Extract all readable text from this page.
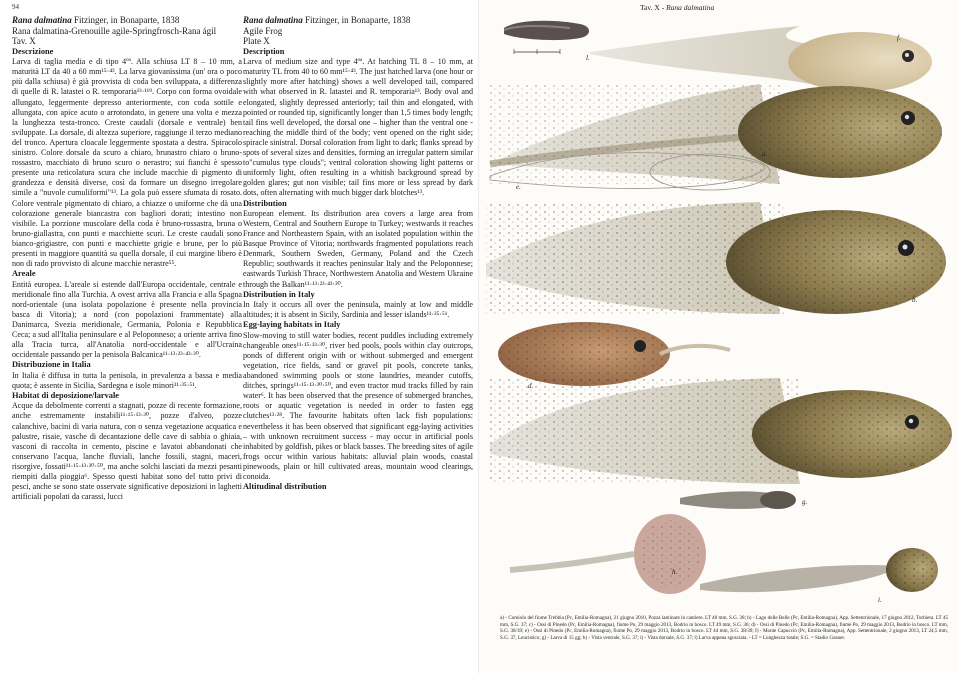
94
Rana dalmatina Fitzinger, in Bonaparte, 1838
Rana dalmatina-Grenouille agile-Springfrosch-Rana ágil
Tav. X
Descrizione

Larva di taglia media e di tipo 4ºª. Alla schiusa LT 8 – 10 mm, a maturità LT da 40 a 60 mm¹⁵·⁴³. La larva giovanissima (un' ora o poco più dalla schiusa) è già provvista di coda ben sviluppata, a differenza di quelle di R. latastei o R. temporaria¹³·¹¹⁹. Corpo con forma ovoidale allungato, leggermente depresso anteriormente, con coda sottile e allungata, con apice acuto o arrotondato, in genere una volta e mezza la lunghezza testa-tronco. Creste caudali (dorsale e ventrale) ben sviluppate. La dorsale, di altezza superiore, raggiunge il terzo mediano del tronco. Apertura cloacale leggermente spostata a destra. Spiracolo sinistro. Colore dorsale da scuro a chiaro, brunastro chiaro o bruno-rossastro, macchiato di bruno scuro o nerastro; sui fianchi è spesso presente una reticolatura scura che include macchie di pigmento di grandezza e densità diverse, così da formare un disegno irregolare simile a "nuvole cumuliformi"¹³. La gola può essere sfumata di rosato. Colore ventrale pigmentato di chiaro, a chiazze o uniforme che dà una colorazione generale biancastra con bagliori dorati; intestino non visibile. La porzione muscolare della coda è bruno-rossastra, bruna o bruno-giallastra, con punti e macchiette scuri. Le creste caudali sono bianco-grigiastre, con punti e macchiette grigie e brune, per lo più presenti in maggiore quantità su quella dorsale, il cui margine libero è non di rado provvisto di alcune macchie nerastre⁵⁵.

Areale

Entità europea. L'areale si estende dall'Europa occidentale, centrale e meridionale fino alla Turchia. A ovest arriva alla Francia e alla Spagna nord-orientale (una isolata popolazione è presente nella provincia basca di Vitoria); a nord (con popolazioni frammentate) alla Danimarca, Svezia meridionale, Germania, Polonia e Repubblica Ceca; a sud all'Italia peninsulare e al Peloponneso; a oriente arriva fino alla Tracia turca, all'Anatolia nord-occidentale e all'Ucraina occidentale passando per la penisola Balcanica¹¹·¹³·²³·⁴³·³⁰.

Distribuzione in Italia

In Italia è diffusa in tutta la penisola, in prevalenza a bassa e media quota; è assente in Sicilia, Sardegna e isole minori¹¹·³⁵·⁵¹.

Habitat di deposizione/larvale

Acque da debolmente correnti a stagnati, pozze di recente formazione, anche estremamente instabili¹¹·¹⁵·¹³·³⁰, pozze d'alveo, pozze calanchive, bacini di varia natura, con o senza vegetazione acquatica e palustre, risaie, vasche di decantazione delle cave di sabbia o ghiaia, vasconi di raccolta in cemento, piscine e lavatoi abbandonati che conservano l'acqua, lanche fluviali, lanche fossili, stagni, maceri, risorgive, fossati¹¹·¹⁵·¹³·³⁰·⁵⁰, ma anche solchi lasciati da mezzi pesanti riempiti dalla pioggia⁶. Spesso questi habitat sono del tutto privi di pesci, anche se sono state osservate significative deposizioni in laghetti artificiali popolati da carassi, lucci

Rana dalmatina Fitzinger, in Bonaparte, 1838
Agile Frog
Plate X
Description

Larva of medium size and type 4ºª. At hatching TL 8 – 10 mm, at maturity TL from 40 to 60 mm¹⁵·⁴³. The just hatched larva (one hour or slightly more after hatching) shows a well developed tail, compared with what observed in R. latastei and R. temporaria¹³. Body oval and elongated, slightly depressed anteriorly; tail thin and elongated, with pointed or rounded tip, significantly longer than 1,5 times body length; tail fins well developed, the dorsal one – higher than the ventral one - reaching the middle third of the body; vent opened on the right side; spiracle sinistral. Dorsal coloration from light to dark; flanks spread by spots of several sizes and densities, forming an irregular pattern similar to"cumulus type clouds"; ventral coloration showing light patterns or uniformly light, often resulting in a whitish background spread by golden glares; gut non visible; tail fins more or less spread by dark dots, often alternating with much bigger dark blotches¹³.

Distribution

European element. Its distribution area covers a large area from Western, Central and Southern Europe to Turkey; westwards it reaches France and Northeastern Spain, with an isolated population within the Basque Province of Vitoria; northwards fragmented populations reach Denmark, Southern Sweden, Germany, Poland and the Czech Republic; southwards it reaches peninsular Italy and the Peloponnese; eastwards Turkish Thrace, Northwestern Anatolia and Western Ukraine through the Balkan¹¹·¹³·²³·⁴³·³⁰.

Distribution in Italy

In Italy it occurs all over the peninsula, mainly at low and middle altitudes; it is absent in Sicily, Sardinia and lesser islands¹¹·³⁵·⁵¹.

Egg-laying habitats in Italy

Slow-moving to still water bodies, recent puddles including extremely changeable ones¹¹·¹⁵·¹³·³⁰, river bed pools, pools within clay outcrops, ponds of different origin with or without submerged and emergent vegetation, rice fields, sand or gravel pit pools, concrete tanks, abandoned swimming pools or stone laundries, meander cutoffs, ditches, springs¹¹·¹⁵·¹³·³⁰·⁵⁰, and even tractor mud tracks filled by rain water⁶. It has been observed that the presence of submerged branches, roots or aquatic vegetation is needed in order to fasten egg clutches¹³·²⁸. The favourite habitats often lack fish populations: nevertheless it has been observed that significant egg-laying activities – with unknown recruitment success - may occur in artificial pools inhabited by goldfish, pikes or black basses. The breeding sites of agile frogs occur within various habitats: alluvial plain woods, coastal pinewoods, plain or hill cultivated areas, mountain wood clearings, conoida.

Altitudinal distribution
Tav. X - Rana dalmatina
f.
l.
a.
e.
b.
d.
c.
g.
h.
i.
a) - Comiolo del fiume Trebbia (Pc, Emilia-Romagna), 21 giugno 2010, Pozza laminare in cantiere. LT 48 mm, S.G. 38; b) - Lago delle Belle (Pc, Emilia-Romagna), App. Settentrionale, 17 giugno 2012, Torbiera. LT 45 mm, S.G. 37; c) - Ossi di Pinedo (Pc, Emilia-Romagna), fiume Po, 29 maggio 2013, Bodrio in bosco. LT 49 mm, S.G. 36; d) - Ossi di Pinedo (Pc, Emilia-Romagna), fiume Po, 29 maggio 2013, Bodrio in bosco. LT mm, S.G. 38/39; e) - Ossi di Pinedo (Pc, Emilia-Romagna), fiume Po, 29 maggio 2013, Bodrio in bosco. LT 44 mm, S.G. 38/39; f) - Monte Capuccio (Pc, Emilia-Romagna), App. Settentrionale, 2 giugno 2013, LT 24,5 mm, S.G. 37, Leucistico; g) - Larva di 15 gg; h) - Vista ventrale, S.G. 37; i) - Vista dorsale, S.G. 37; l) Larva appena sgusciata. - LT = Lunghezza totale; S.G. = Stadio Gosner.
